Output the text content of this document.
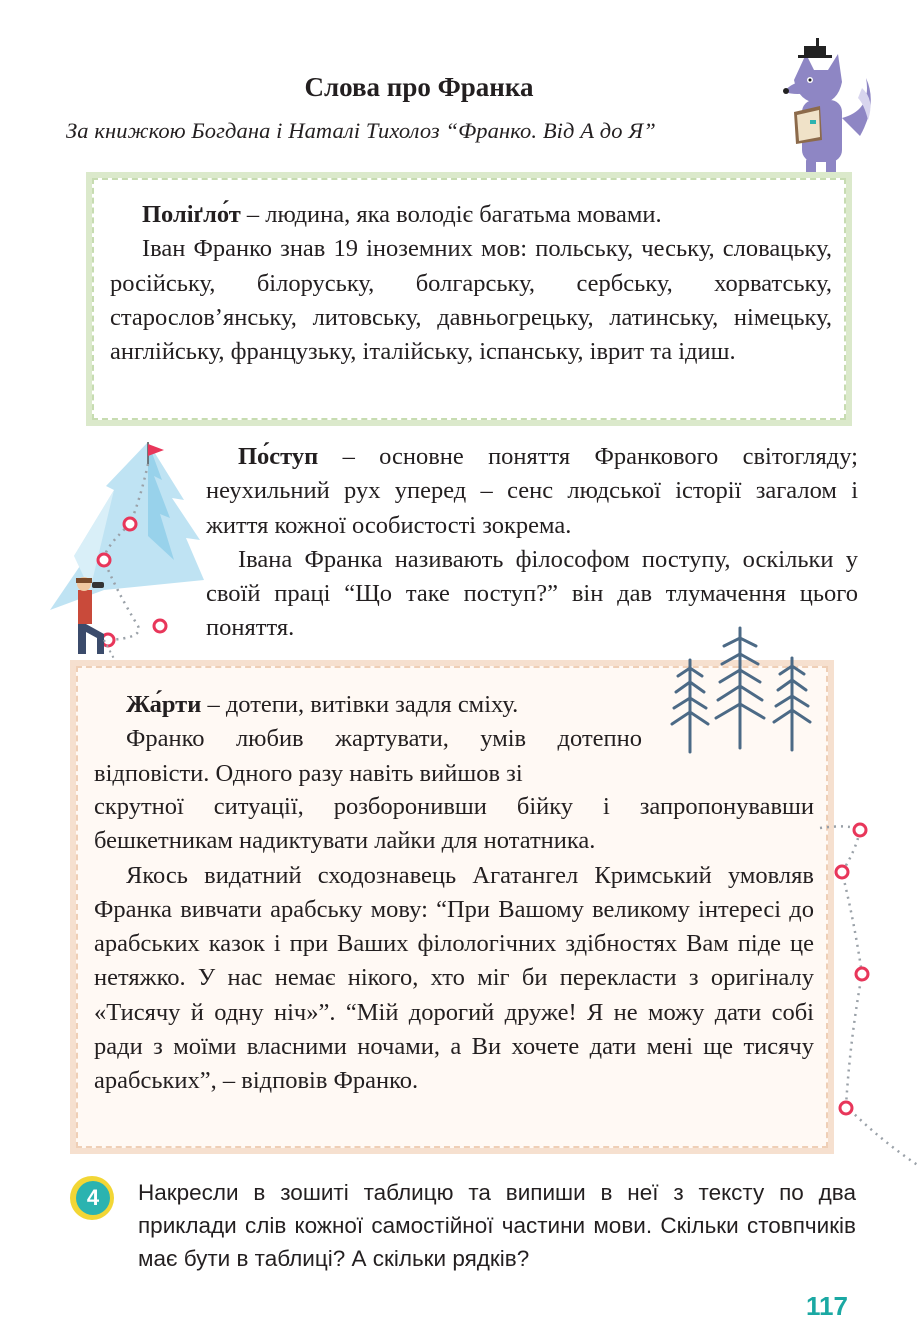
Слова про Франка
За книжкою Богдана і Наталі Тихолоз “Франко. Від А до Я”

Поліґло́т – людина, яка володіє багатьма мовами.

Іван Франко знав 19 іноземних мов: польську, чеську, словацьку, російську, білоруську, болгарську, сербську, хорватську, старослов’янську, литовську, давньогрецьку, латинську, німецьку, англійську, французьку, італійську, іспанську, іврит та ідиш.

По́ступ – основне поняття Франкового світогляду; неухильний рух уперед – сенс людської історії загалом і життя кожної особистості зокрема.

Івана Франка називають філософом поступу, оскільки у своїй праці “Що таке поступ?” він дав тлумачення цього поняття.

Жа́рти – дотепи, витівки задля сміху.

Франко любив жартувати, умів дотепно відповісти. Одного разу навіть вийшов зі

скрутної ситуації, розборонивши бійку і запропонувавши бешкетникам надиктувати лайки для нотатника.

Якось видатний сходознавець Агатангел Кримський умовляв Франка вивчати арабську мову: “При Вашому великому інтересі до арабських казок і при Ваших філологічних здібностях Вам піде це нетяжко. У нас немає нікого, хто міг би перекласти з оригіналу «Тисячу й одну ніч»”. “Мій дорогий друже! Я не можу дати собі ради з моїми власними ночами, а Ви хочете дати мені ще тисячу арабських”, – відповів Франко.

4	Накресли в зошиті таблицю та випиши в неї з тексту по два приклади слів кожної самостійної частини мови. Скільки стовпчиків має бути в таблиці? А скільки рядків?
117
